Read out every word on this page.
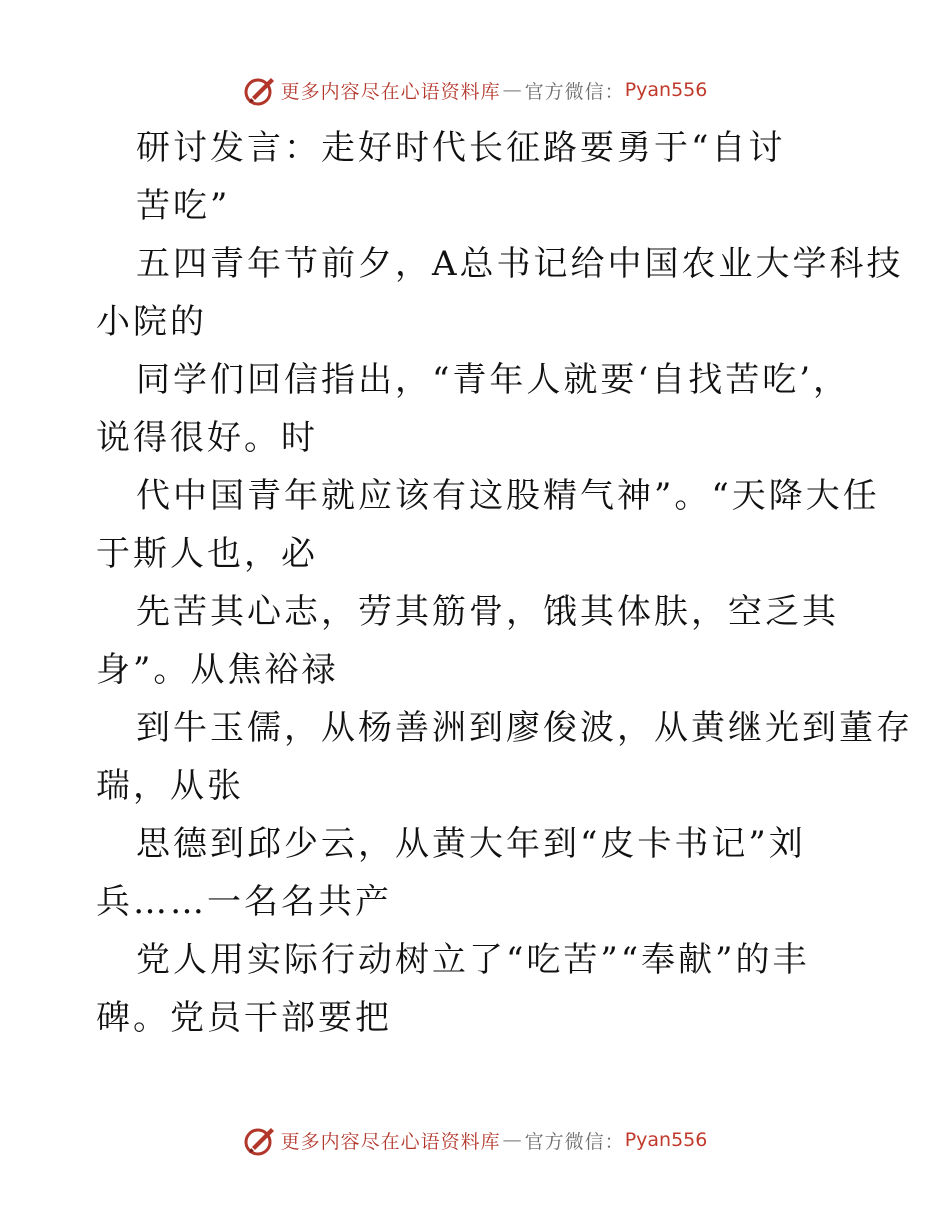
更多内容尽在心语资料库 — 官方微信： Pyan556
研讨发言：走好时代长征路要勇于“自讨
苦吃”
五四青年节前夕，A总书记给中国农业大学科技
小院的
同学们回信指出，“青年人就要‘自找苦吃’，
说得很好。时
代中国青年就应该有这股精气神”。“天降大任
于斯人也，必
先苦其心志，劳其筋骨，饿其体肤，空乏其
身”。从焦裕禄
到牛玉儒，从杨善洲到廖俊波，从黄继光到董存
瑞，从张
思德到邱少云，从黄大年到“皮卡书记”刘
兵……一名名共产
党人用实际行动树立了“吃苦”“奉献”的丰
碑。党员干部要把
更多内容尽在心语资料库 — 官方微信： Pyan556
